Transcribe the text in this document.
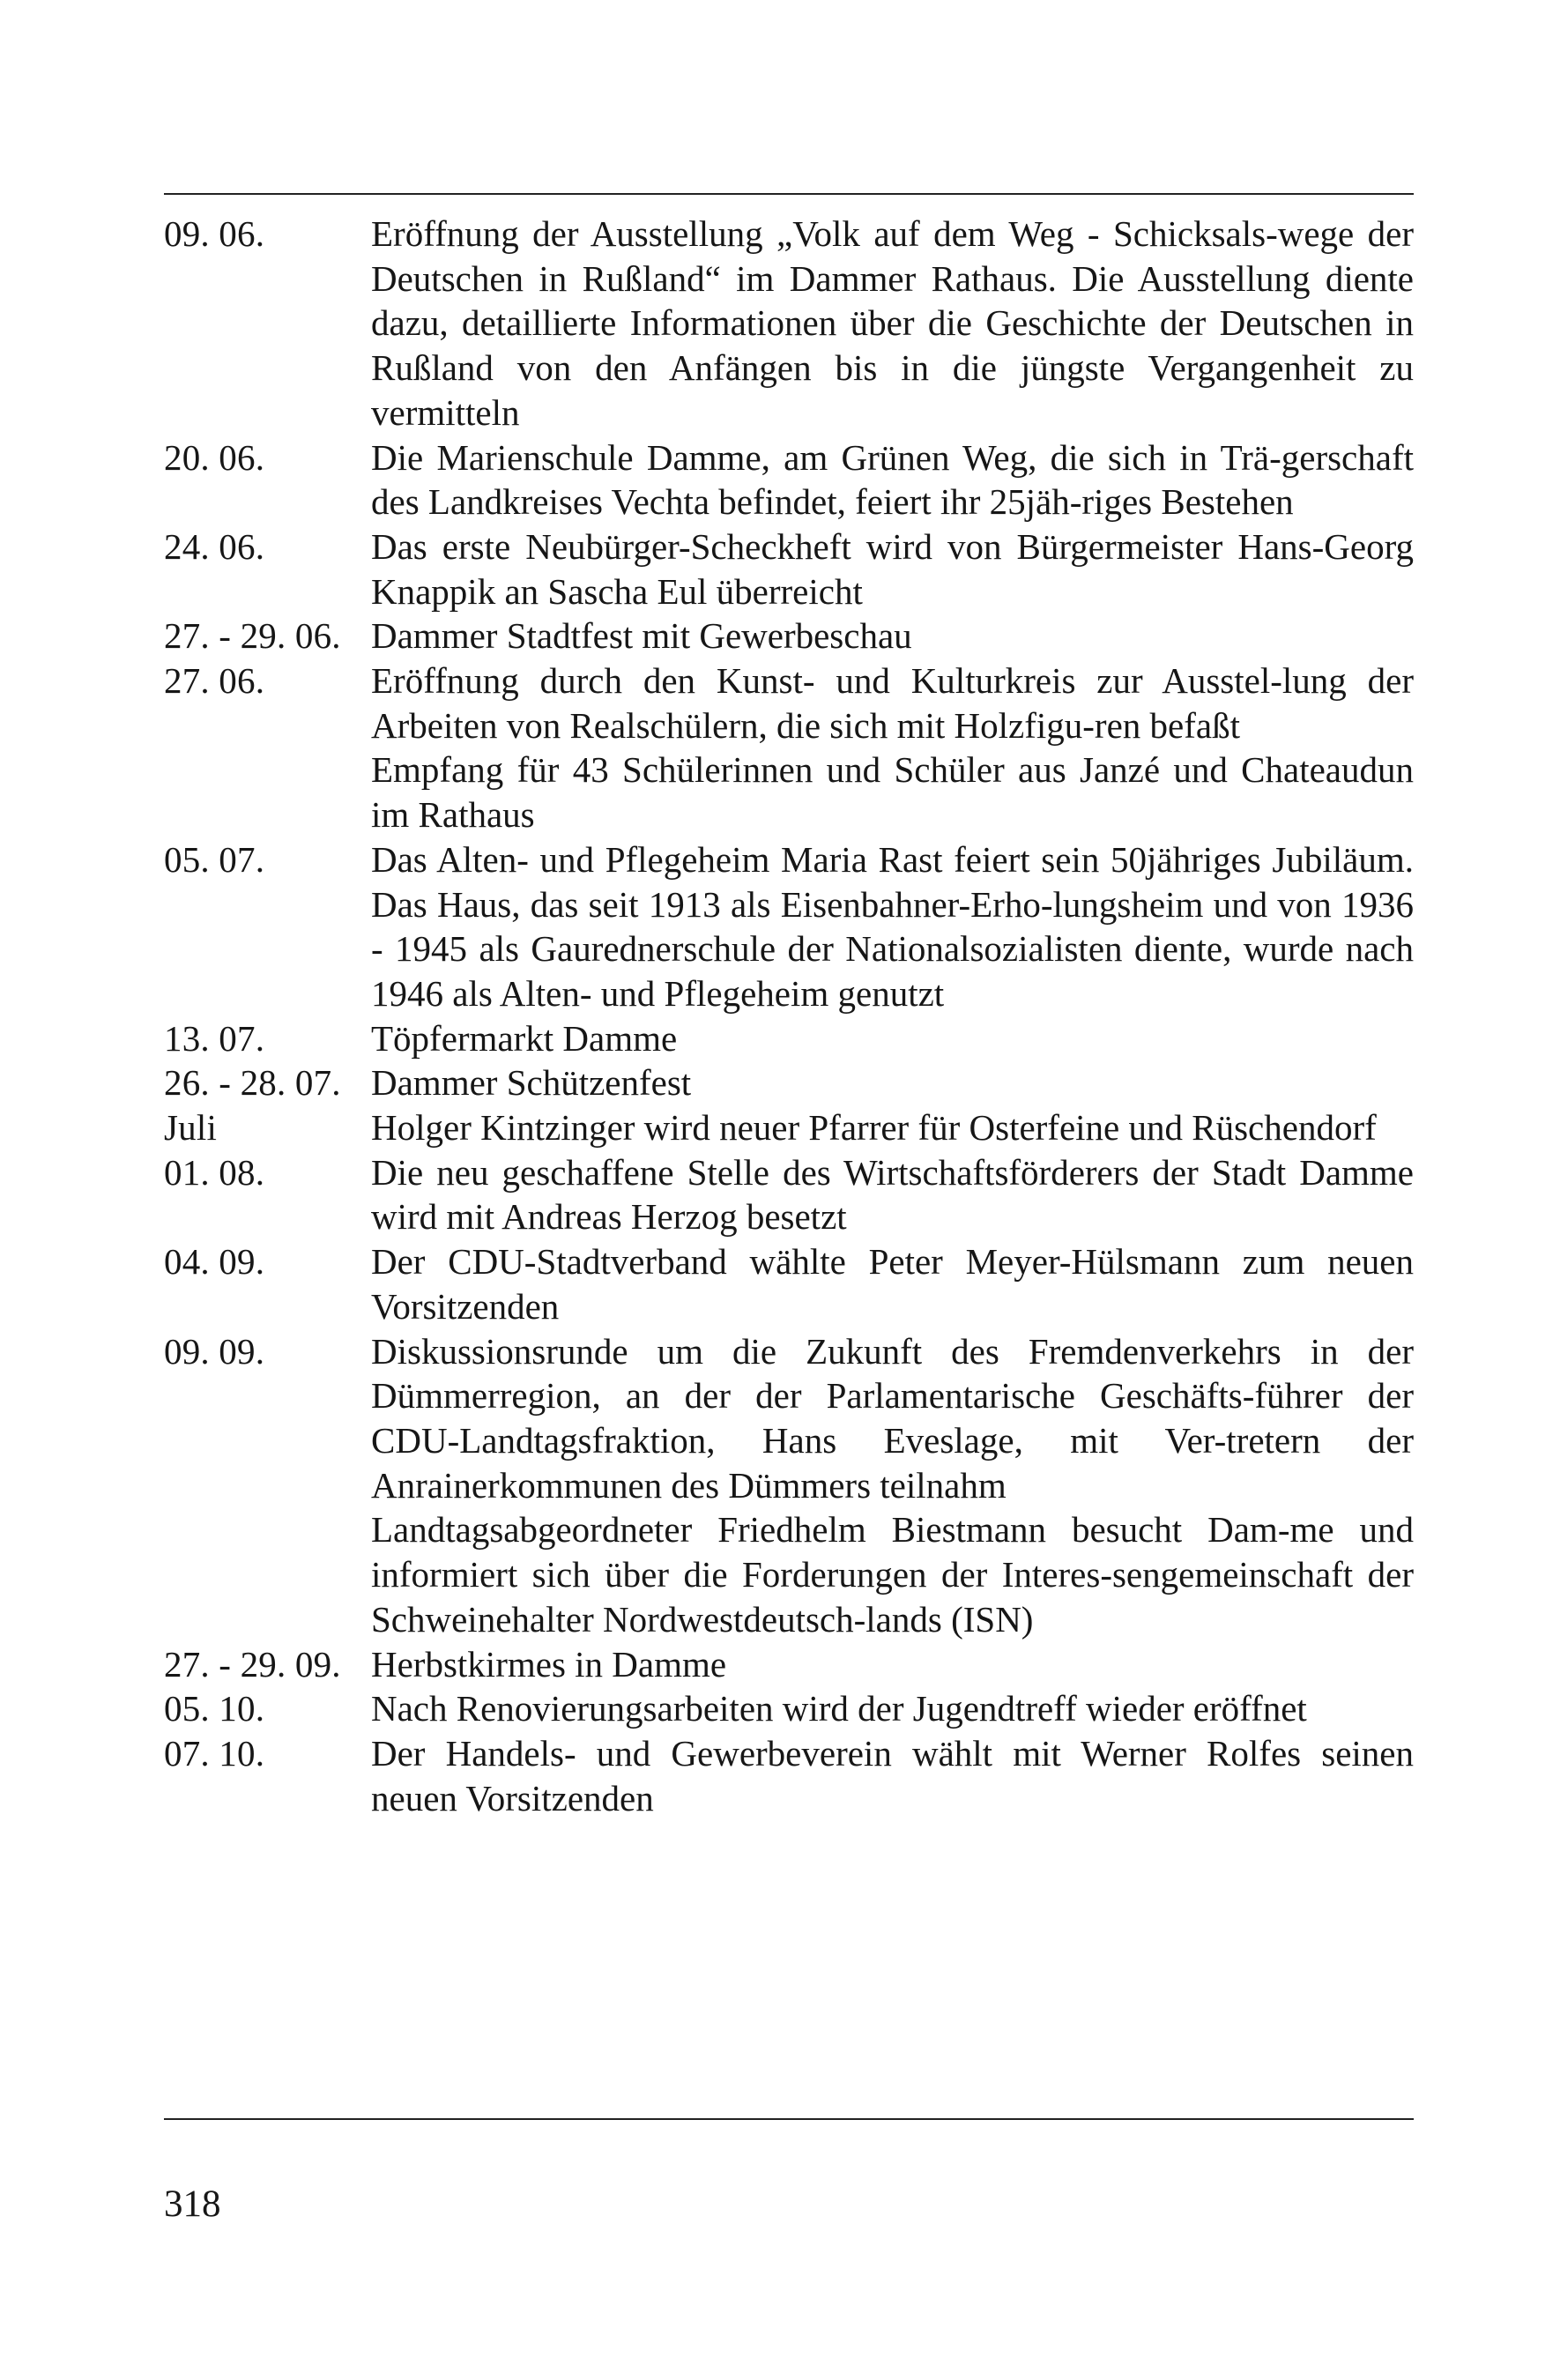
09. 06.	Eröffnung der Ausstellung „Volk auf dem Weg - Schicksals-wege der Deutschen in Rußland“ im Dammer Rathaus. Die Ausstellung diente dazu, detaillierte Informationen über die Geschichte der Deutschen in Rußland von den Anfängen bis in die jüngste Vergangenheit zu vermitteln

20. 06.	Die Marienschule Damme, am Grünen Weg, die sich in Trä-gerschaft des Landkreises Vechta befindet, feiert ihr 25jäh-riges Bestehen

24. 06.	Das erste Neubürger-Scheckheft wird von Bürgermeister Hans-Georg Knappik an Sascha Eul überreicht

27. - 29. 06. Dammer Stadtfest mit Gewerbeschau

27. 06.	Eröffnung durch den Kunst- und Kulturkreis zur Ausstel-lung der Arbeiten von Realschülern, die sich mit Holzfigu-ren befaßt

Empfang für 43 Schülerinnen und Schüler aus Janzé und Chateaudun im Rathaus

05. 07.	Das Alten- und Pflegeheim Maria Rast feiert sein 50jähriges Jubiläum. Das Haus, das seit 1913 als Eisenbahner-Erho-lungsheim und von 1936 - 1945 als Gaurednerschule der Nationalsozialisten diente, wurde nach 1946 als Alten- und Pflegeheim genutzt

13. 07.	Töpfermarkt Damme

26. - 28. 07. Dammer Schützenfest

Juli	Holger Kintzinger wird neuer Pfarrer für Osterfeine und Rüschendorf

01. 08.	Die neu geschaffene Stelle des Wirtschaftsförderers der Stadt Damme wird mit Andreas Herzog besetzt

04. 09.	Der CDU-Stadtverband wählte Peter Meyer-Hülsmann zum neuen Vorsitzenden

09. 09.	Diskussionsrunde um die Zukunft des Fremdenverkehrs in der Dümmerregion, an der der Parlamentarische Geschäfts-führer der CDU-Landtagsfraktion, Hans Eveslage, mit Ver-tretern der Anrainerkommunen des Dümmers teilnahm

Landtagsabgeordneter Friedhelm Biestmann besucht Dam-me und informiert sich über die Forderungen der Interes-sengemeinschaft der Schweinehalter Nordwestdeutsch-lands (ISN)

27. - 29. 09. Herbstkirmes in Damme

05. 10.	Nach Renovierungsarbeiten wird der Jugendtreff wieder eröffnet

07. 10.	Der Handels- und Gewerbeverein wählt mit Werner Rolfes seinen neuen Vorsitzenden

318
